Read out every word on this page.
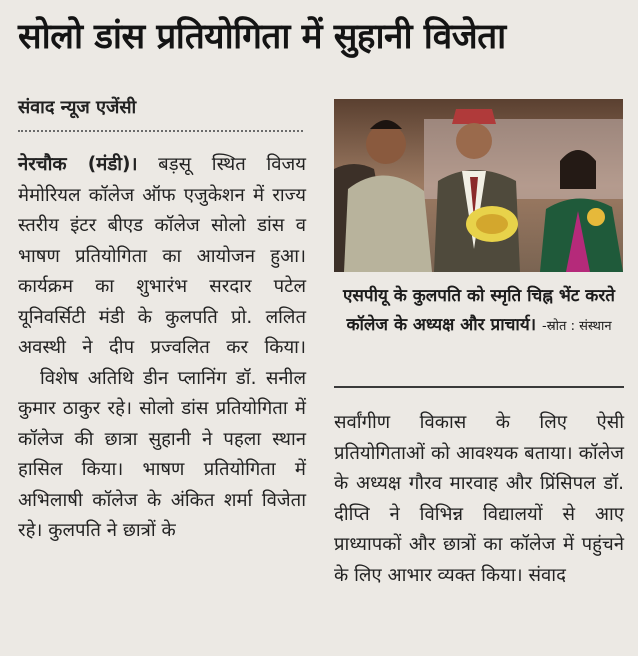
सोलो डांस प्रतियोगिता में सुहानी विजेता
संवाद न्यूज एजेंसी

नेरचौक (मंडी)। बड़सू स्थित विजय मेमोरियल कॉलेज ऑफ एजुकेशन में राज्य स्तरीय इंटर बीएड कॉलेज सोलो डांस व भाषण प्रतियोगिता का आयोजन हुआ। कार्यक्रम का शुभारंभ सरदार पटेल यूनिवर्सिटी मंडी के कुलपति प्रो. ललित अवस्थी ने दीप प्रज्वलित कर किया।

विशेष अतिथि डीन प्लानिंग डॉ. सनील कुमार ठाकुर रहे। सोलो डांस प्रतियोगिता में कॉलेज की छात्रा सुहानी ने पहला स्थान हासिल किया। भाषण प्रतियोगिता में अभिलाषी कॉलेज के अंकित शर्मा विजेता रहे। कुलपति ने छात्रों के

एसपीयू के कुलपति को स्मृति चिह्न भेंट करते कॉलेज के अध्यक्ष और प्राचार्य। -स्रोत : संस्थान

सर्वांगीण विकास के लिए ऐसी प्रतियोगिताओं को आवश्यक बताया। कॉलेज के अध्यक्ष गौरव मारवाह और प्रिंसिपल डॉ. दीप्ति ने विभिन्न विद्यालयों से आए प्राध्यापकों और छात्रों का कॉलेज में पहुंचने के लिए आभार व्यक्त किया। संवाद
